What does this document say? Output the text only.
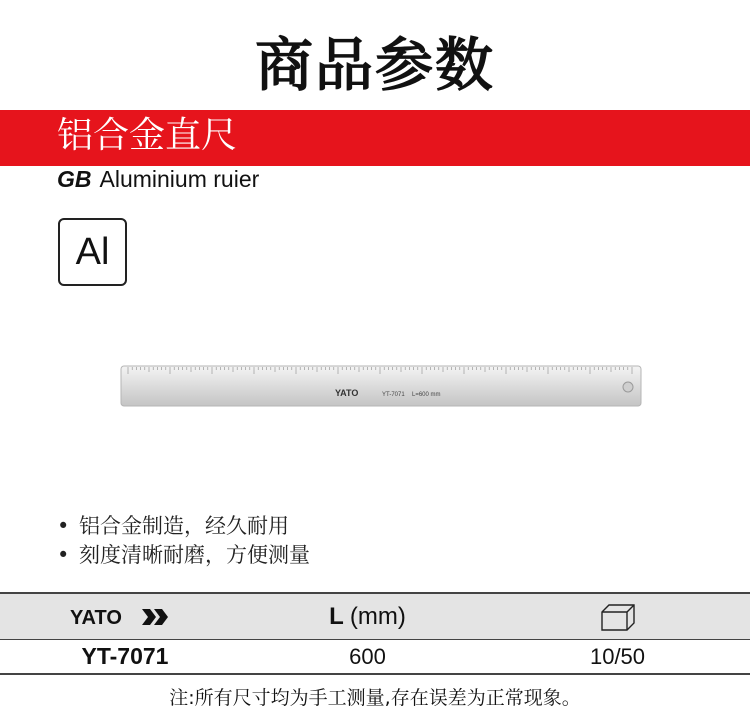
商品参数
铝合金直尺
GB Aluminium ruier
Al
YATO	YT-7071 L=600 mm
• 铝合金制造，经久耐用
• 刻度清晰耐磨，方便测量
YATO	L (mm)
YT-7071	600	10/50
注:所有尺寸均为手工测量,存在误差为正常现象。
